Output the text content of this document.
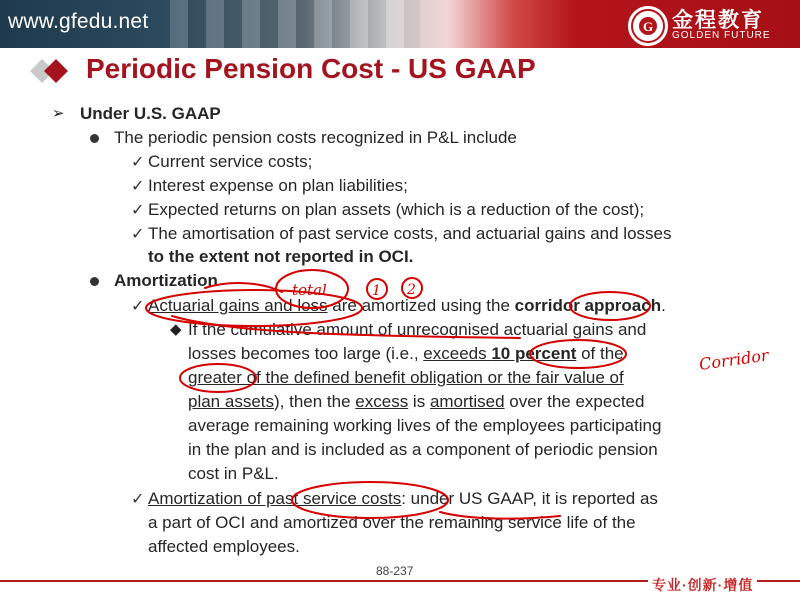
www.gfedu.net	G 金程教育
GOLDEN FUTURE
Periodic Pension Cost - US GAAP
➢ Under U.S. GAAP
The periodic pension costs recognized in P&L include
✓ Current service costs;
✓ Interest expense on plan liabilities;
✓ Expected returns on plan assets (which is a reduction of the cost);
✓ The amortisation of past service costs, and actuarial gains and losses
to the extent not reported in OCI.
Amortization
✓ Actuarial gains and loss are amortized using the corridor approach.
◆ If the cumulative amount of unrecognised actuarial gains and
losses becomes too large (i.e., exceeds 10 percent of the
greater of the defined benefit obligation or the fair value of
plan assets), then the excess is amortised over the expected
average remaining working lives of the employees participating
in the plan and is included as a component of periodic pension
cost in P&L.
✓ Amortization of past service costs: under US GAAP, it is reported as
a part of OCI and amortized over the remaining service life of the
affected employees.
total	1 2
Corridor
88-237
专业·创新·增值
